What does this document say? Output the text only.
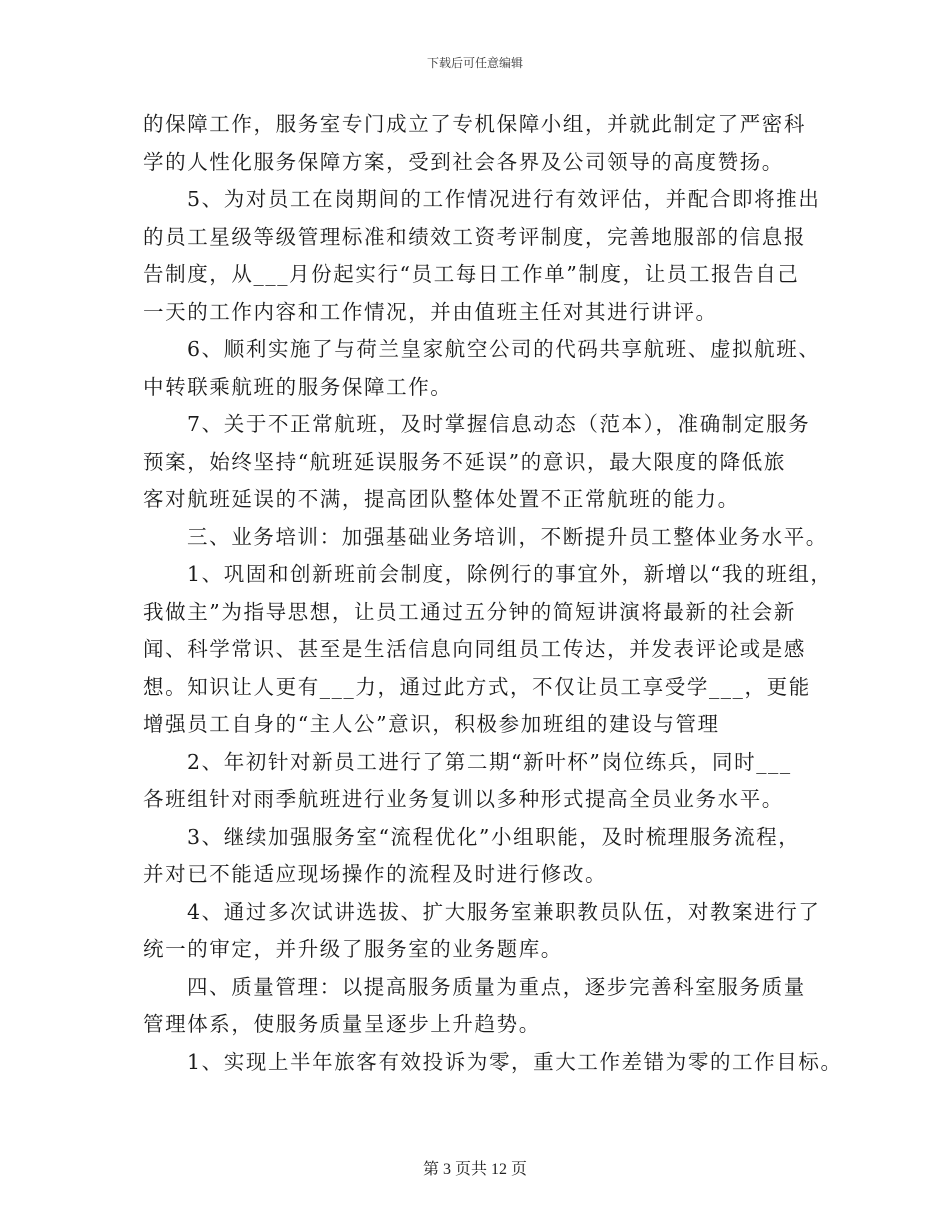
下载后可任意编辑
的保障工作，服务室专门成立了专机保障小组，并就此制定了严密科
学的人性化服务保障方案，受到社会各界及公司领导的高度赞扬。
5、为对员工在岗期间的工作情况进行有效评估，并配合即将推出
的员工星级等级管理标准和绩效工资考评制度，完善地服部的信息报
告制度，从___月份起实行“员工每日工作单”制度，让员工报告自己
一天的工作内容和工作情况，并由值班主任对其进行讲评。
6、顺利实施了与荷兰皇家航空公司的代码共享航班、虚拟航班、
中转联乘航班的服务保障工作。
7、关于不正常航班，及时掌握信息动态（范本），准确制定服务
预案，始终坚持“航班延误服务不延误”的意识，最大限度的降低旅
客对航班延误的不满，提高团队整体处置不正常航班的能力。
三、业务培训：加强基础业务培训，不断提升员工整体业务水平。
1、巩固和创新班前会制度，除例行的事宜外，新增以“我的班组，
我做主”为指导思想，让员工通过五分钟的简短讲演将最新的社会新
闻、科学常识、甚至是生活信息向同组员工传达，并发表评论或是感
想。知识让人更有___力，通过此方式，不仅让员工享受学___，更能
增强员工自身的“主人公”意识，积极参加班组的建设与管理
2、年初针对新员工进行了第二期“新叶杯”岗位练兵，同时___
各班组针对雨季航班进行业务复训以多种形式提高全员业务水平。
3、继续加强服务室“流程优化”小组职能，及时梳理服务流程，
并对已不能适应现场操作的流程及时进行修改。
4、通过多次试讲选拔、扩大服务室兼职教员队伍，对教案进行了
统一的审定，并升级了服务室的业务题库。
四、质量管理：以提高服务质量为重点，逐步完善科室服务质量
管理体系，使服务质量呈逐步上升趋势。
1、实现上半年旅客有效投诉为零，重大工作差错为零的工作目标。
第 3 页共 12 页
